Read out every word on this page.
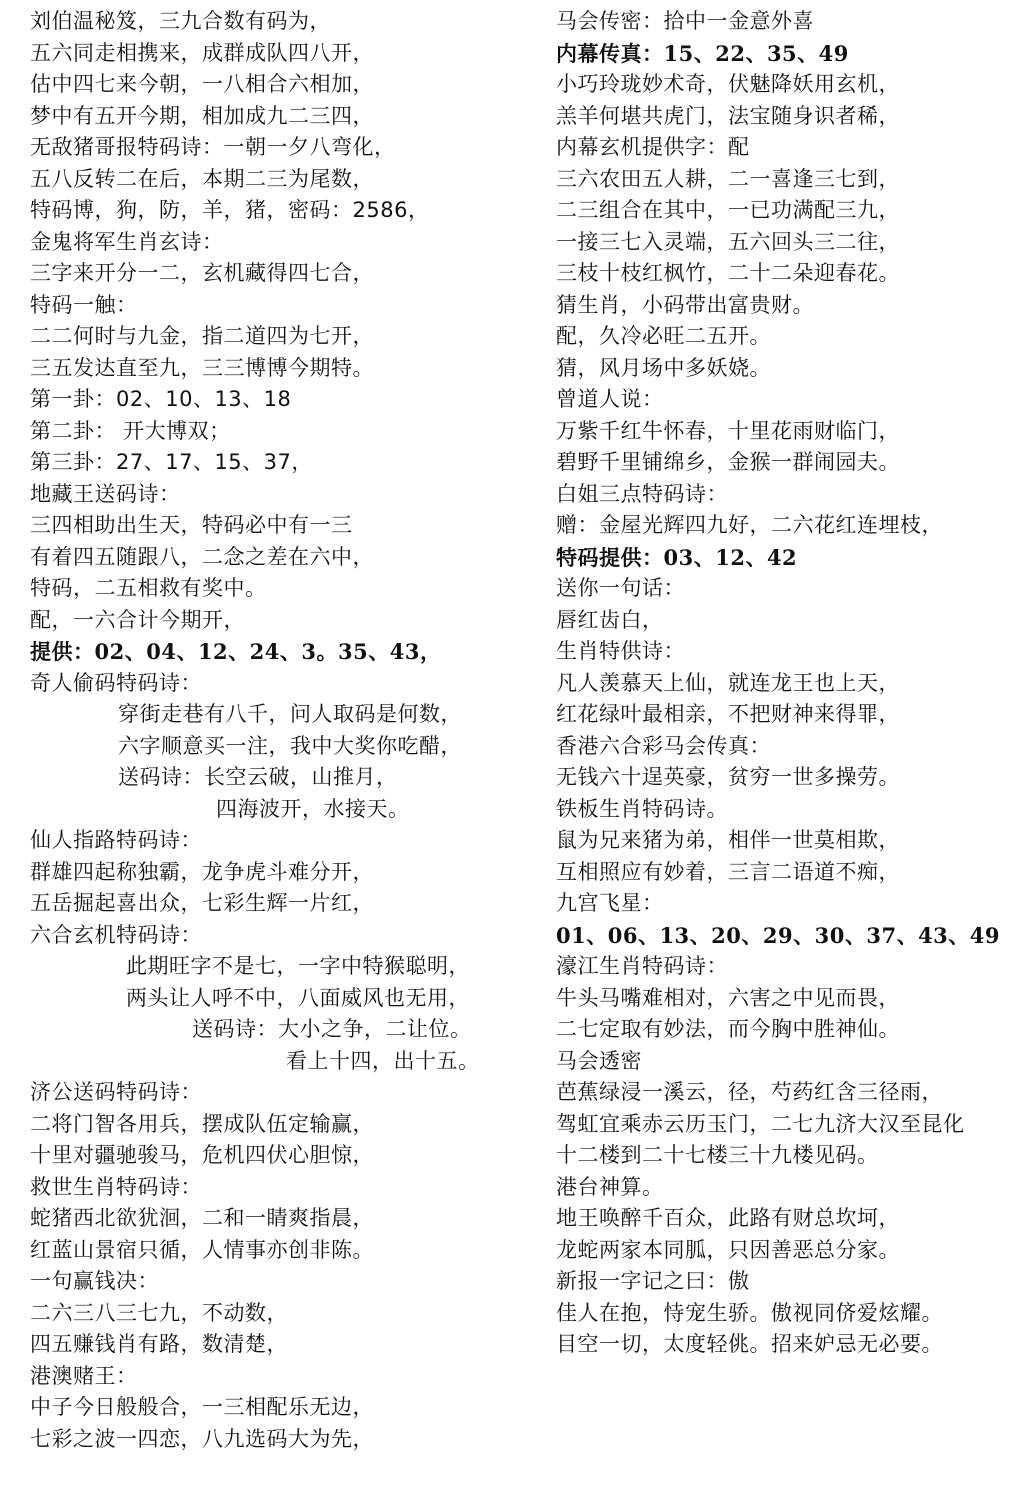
刘伯温秘笈，三九合数有码为，
五六同走相携来，成群成队四八开，
估中四七来今朝，一八相合六相加，
梦中有五开今期，相加成九二三四，
无敌猪哥报特码诗：一朝一夕八弯化，
五八反转二在后，本期二三为尾数，
特码博，狗，防，羊，猪，密码：2586，
金鬼将军生肖玄诗：
三字来开分一二，玄机藏得四七合，
特码一触：
二二何时与九金，指二道四为七开，
三五发达直至九，三三博博今期特。
第一卦：02、10、13、18
第二卦： 开大博双；
第三卦：27、17、15、37，
地藏王送码诗：
三四相助出生天，特码必中有一三
有着四五随跟八，二念之差在六中，
特码，二五相救有奖中。
配，一六合计今期开，
提供：02、04、12、24、3。35、43，
奇人偷码特码诗：
穿街走巷有八千，问人取码是何数，
六字顺意买一注，我中大奖你吃醋，
送码诗：长空云破，山推月，
四海波开，水接天。
仙人指路特码诗：
群雄四起称独霸，龙争虎斗难分开，
五岳掘起喜出众，七彩生辉一片红，
六合玄机特码诗：
此期旺字不是七，一字中特猴聪明，
两头让人呼不中，八面威风也无用，
送码诗：大小之争，二让位。
看上十四，出十五。
济公送码特码诗：
二将门智各用兵，摆成队伍定输赢，
十里对疆驰骏马，危机四伏心胆惊，
救世生肖特码诗：
蛇猪西北欲犹洄，二和一睛爽指晨，
红蓝山景宿只循，人情事亦创非陈。
一句赢钱决：
二六三八三七九，不动数，
四五赚钱肖有路，数清楚，
港澳赌王：
中子今日般般合，一三相配乐无边，
七彩之波一四恋，八九选码大为先，
马会传密：拾中一金意外喜
内幕传真：15、22、35、49
小巧玲珑妙术奇，伏魅降妖用玄机，
羔羊何堪共虎门，法宝随身识者稀，
内幕玄机提供字：配
三六农田五人耕，二一喜逢三七到，
二三组合在其中，一已功满配三九，
一接三七入灵端，五六回头三二往，
三枝十枝红枫竹，二十二朵迎春花。
猜生肖，小码带出富贵财。
配，久冷必旺二五开。
猜，风月场中多妖娆。
曾道人说：
万紫千红牛怀春，十里花雨财临门，
碧野千里铺绵乡，金猴一群闹园夫。
白姐三点特码诗：
赠：金屋光辉四九好，二六花红连埋枝，
特码提供：03、12、42
送你一句话：
唇红齿白，
生肖特供诗：
凡人羡慕天上仙，就连龙王也上天，
红花绿叶最相亲，不把财神来得罪，
香港六合彩马会传真：
无钱六十逞英豪，贫穷一世多操劳。
铁板生肖特码诗。
鼠为兄来猪为弟，相伴一世莫相欺，
互相照应有妙着，三言二语道不痴，
九宫飞星：
01、06、13、20、29、30、37、43、49
濠江生肖特码诗：
牛头马嘴难相对，六害之中见而畏，
二七定取有妙法，而今胸中胜神仙。
马会透密
芭蕉绿浸一溪云，径，芍药红含三径雨，
驾虹宜乘赤云历玉门，二七九济大汉至昆化
十二楼到二十七楼三十九楼见码。
港台神算。
地王唤醉千百众，此路有财总坎坷，
龙蛇两家本同胍，只因善恶总分家。
新报一字记之曰：傲
佳人在抱，恃宠生骄。傲视同侪爱炫耀。
目空一切，太度轻佻。招来妒忌无必要。
